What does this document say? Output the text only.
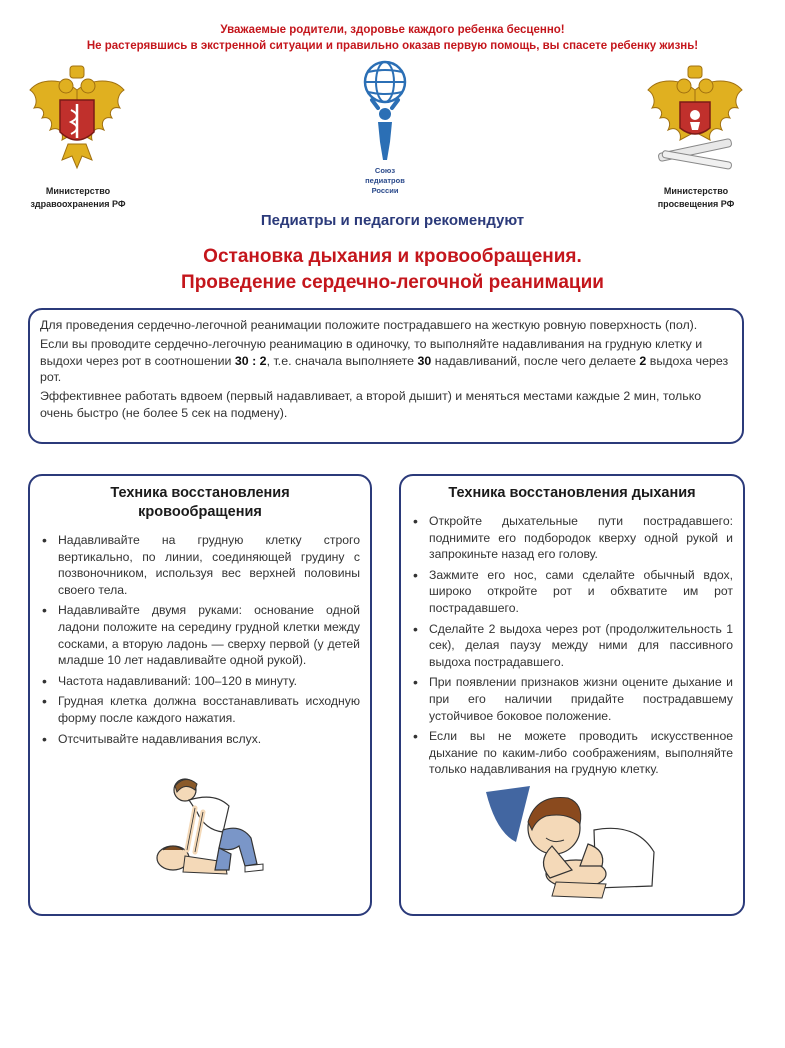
Уважаемые родители, здоровье каждого ребенка бесценно!
Не растерявшись в экстренной ситуации и правильно оказав первую помощь, вы спасете ребенку жизнь!
Союз
педиатров
России
Министерство
здравоохранения РФ
Министерство
просвещения РФ
Педиатры и педагоги рекомендуют
Остановка дыхания и кровообращения.
Проведение сердечно-легочной реанимации

Для проведения сердечно-легочной реанимации положите пострадавшего на жесткую ровную поверхность (пол).

Если вы проводите сердечно-легочную реанимацию в одиночку, то выполняйте надавливания на грудную клетку и выдохи через рот в соотношении 30 : 2, т.е. сначала выполняете 30 надавливаний, после чего делаете 2 выдоха через рот.

Эффективнее работать вдвоем (первый надавливает, а второй дышит) и меняться местами каждые 2 мин, только очень быстро (не более 5 сек на подмену).

Техника восстановления
кровообращения
• Надавливайте на грудную клетку строго вертикально, по линии, соединяющей грудину с позвоночником, используя вес верхней половины своего тела.
• Надавливайте двумя руками: основание одной ладони положите на середину грудной клетки между сосками, а вторую ладонь — сверху первой (у детей младше 10 лет надавливайте одной рукой).
• Частота надавливаний: 100–120 в минуту.
• Грудная клетка должна восстанавливать исходную форму после каждого нажатия.
• Отсчитывайте надавливания вслух.
Техника восстановления дыхания
• Откройте дыхательные пути пострадавшего: поднимите его подбородок кверху одной рукой и запрокиньте назад его голову.
• Зажмите его нос, сами сделайте обычный вдох, широко откройте рот и обхватите им рот пострадавшего.
• Сделайте 2 выдоха через рот (продолжительность 1 сек), делая паузу между ними для пассивного выдоха пострадавшего.
• При появлении признаков жизни оцените дыхание и при его наличии придайте пострадавшему устойчивое боковое положение.
• Если вы не можете проводить искусственное дыхание по каким-либо соображениям, выполняйте только надавливания на грудную клетку.
